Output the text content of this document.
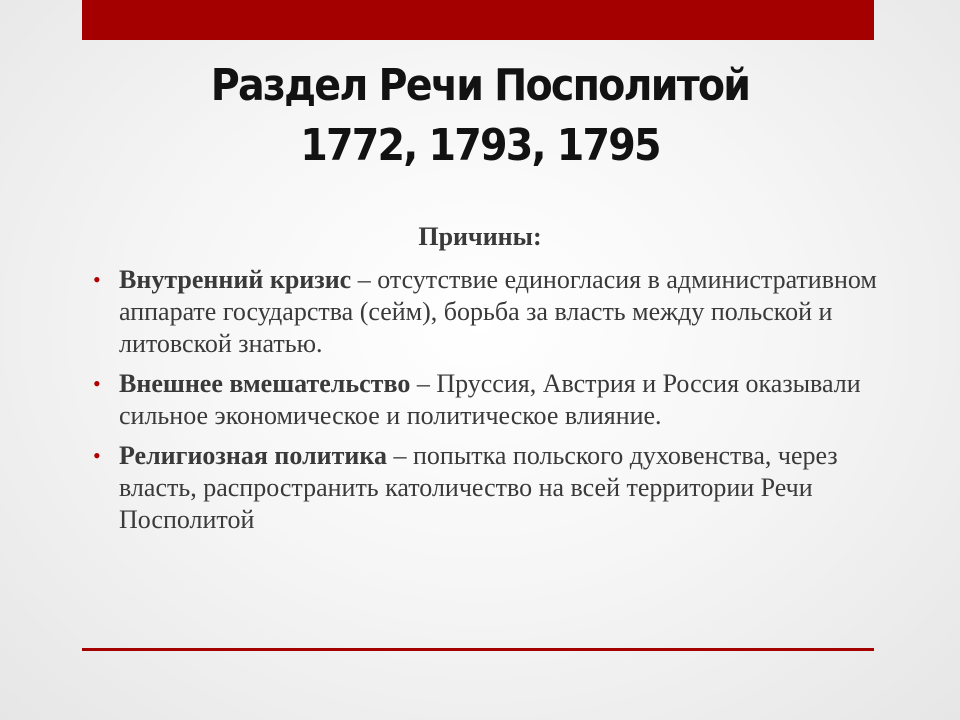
Раздел Речи Посполитой
1772, 1793, 1795
Причины:
• Внутренний кризис – отсутствие единогласия в административном аппарате государства (сейм), борьба за власть между польской и литовской знатью.
• Внешнее вмешательство – Пруссия, Австрия и Россия оказывали сильное экономическое и политическое влияние.
• Религиозная политика – попытка польского духовенства, через власть, распространить католичество на всей территории Речи Посполитой
